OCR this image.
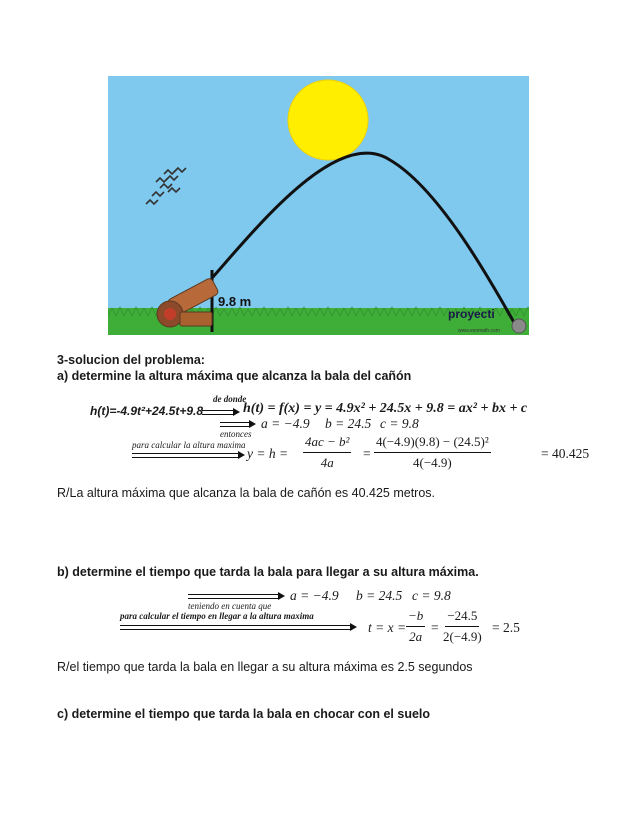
9.8 m
proyecti
www.exomath.com
3-solucion del problema:
a) determine la altura máxima que alcanza la bala del cañón
de donde
h(t)=-4.9t²+24.5t+9.8	h(t) = f(x) = y = 4.9x² + 24.5x + 9.8 = ax² + bx + c
entonces
a = −4.9 b = 24.5 c = 9.8
para calcular la altura maxima
$y = h = \frac{\text{4ac − b²}}{4a} = \frac{\text{4(−4.9)(9.8) − (24.5)²}}{4(-4.9)}$	= 40.425
R/La altura máxima que alcanza la bala de cañón es 40.425 metros.
b) determine el tiempo que tarda la bala para llegar a su altura máxima.
teniendo en cuenta que
a = −4.9 b = 24.5 c = 9.8
para calcular el tiempo en llegar a la altura maxima
$t = x = \frac{-b}{2a} = \frac{-24.5}{2(-4.9)} = 2.5$
R/el tiempo que tarda la bala en llegar a su altura máxima es 2.5 segundos
c) determine el tiempo que tarda la bala en chocar con el suelo
